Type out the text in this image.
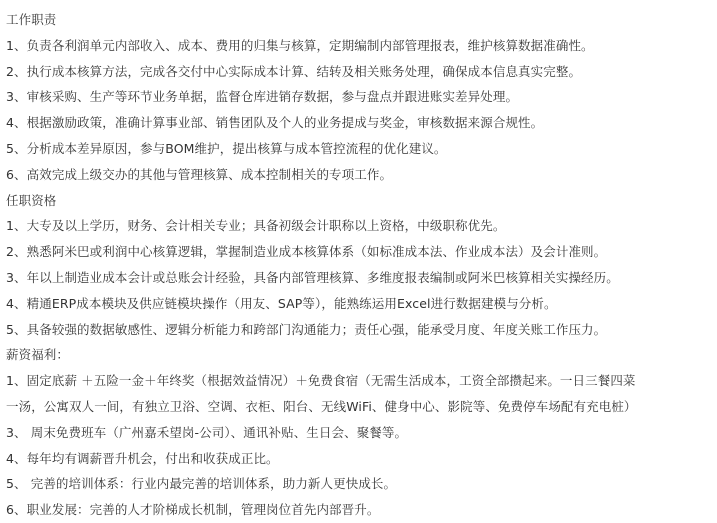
工作职责
1、负责各利润单元内部收入、成本、费用的归集与核算，定期编制内部管理报表，维护核算数据准确性。
2、执行成本核算方法，完成各交付中心实际成本计算、结转及相关账务处理，确保成本信息真实完整。
3、审核采购、生产等环节业务单据，监督仓库进销存数据，参与盘点并跟进账实差异处理。
4、根据激励政策，准确计算事业部、销售团队及个人的业务提成与奖金，审核数据来源合规性。
5、分析成本差异原因，参与BOM维护，提出核算与成本管控流程的优化建议。
6、高效完成上级交办的其他与管理核算、成本控制相关的专项工作。
任职资格
1、大专及以上学历，财务、会计相关专业；具备初级会计职称以上资格，中级职称优先。
2、熟悉阿米巴或利润中心核算逻辑，掌握制造业成本核算体系（如标准成本法、作业成本法）及会计准则。
3、年以上制造业成本会计或总账会计经验，具备内部管理核算、多维度报表编制或阿米巴核算相关实操经历。
4、精通ERP成本模块及供应链模块操作（用友、SAP等），能熟练运用Excel进行数据建模与分析。
5、具备较强的数据敏感性、逻辑分析能力和跨部门沟通能力；责任心强，能承受月度、年度关账工作压力。
薪资福利：
1、固定底薪 ＋五险一金＋年终奖（根据效益情况）＋免费食宿（无需生活成本，工资全部攒起来。一日三餐四菜
一汤，公寓双人一间，有独立卫浴、空调、衣柜、阳台、无线WiFi、健身中心、影院等、免费停车场配有充电桩）
3、 周末免费班车（广州嘉禾望岗-公司）、通讯补贴、生日会、聚餐等。
4、每年均有调薪晋升机会，付出和收获成正比。
5、 完善的培训体系：行业内最完善的培训体系，助力新人更快成长。
6、职业发展：完善的人才阶梯成长机制，管理岗位首先内部晋升。
